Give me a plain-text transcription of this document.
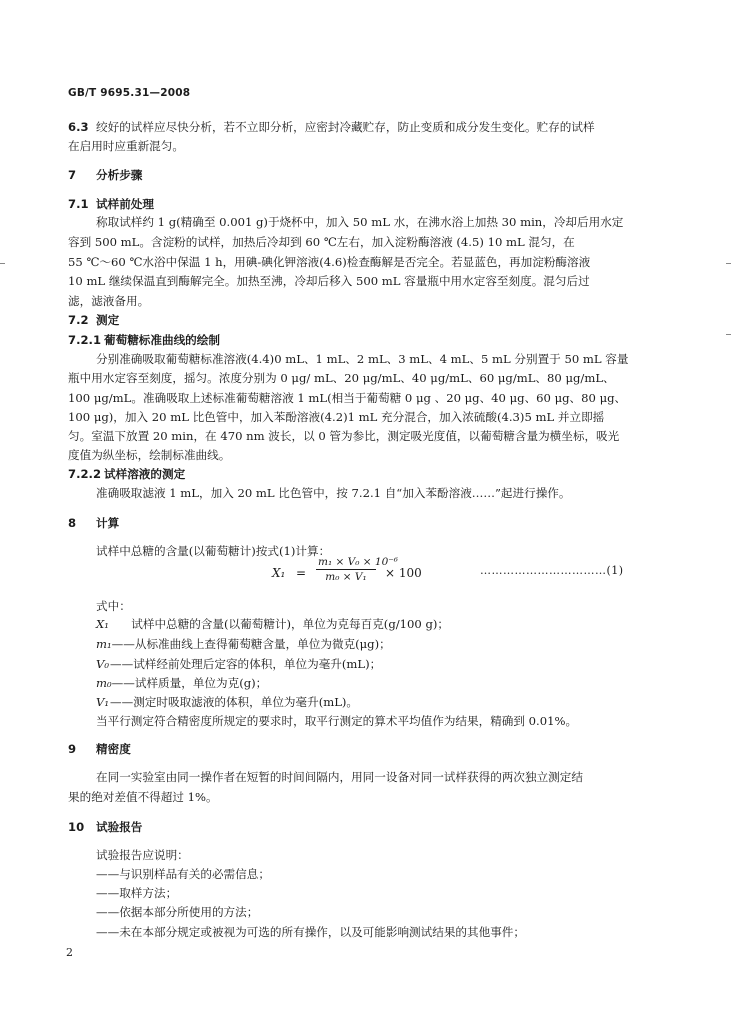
GB/T 9695.31—2008
6.3 绞好的试样应尽快分析，若不立即分析，应密封冷藏贮存，防止变质和成分发生变化。贮存的试样
在启用时应重新混匀。
7 分析步骤
7.1 试样前处理
称取试样约 1 g(精确至 0.001 g)于烧杯中，加入 50 mL 水，在沸水浴上加热 30 min，冷却后用水定
容到 500 mL。含淀粉的试样，加热后冷却到 60 ℃左右，加入淀粉酶溶液 (4.5) 10 mL 混匀，在
55 ℃～60 ℃水浴中保温 1 h，用碘-碘化钾溶液(4.6)检查酶解是否完全。若显蓝色，再加淀粉酶溶液
10 mL 继续保温直到酶解完全。加热至沸，冷却后移入 500 mL 容量瓶中用水定容至刻度。混匀后过
滤，滤液备用。
7.2 测定
7.2.1 葡萄糖标准曲线的绘制
分别准确吸取葡萄糖标准溶液(4.4)0 mL、1 mL、2 mL、3 mL、4 mL、5 mL 分别置于 50 mL 容量
瓶中用水定容至刻度，摇匀。浓度分别为 0 μg/ mL、20 μg/mL、40 μg/mL、60 μg/mL、80 μg/mL、
100 μg/mL。准确吸取上述标准葡萄糖溶液 1 mL(相当于葡萄糖 0 μg 、20 μg、40 μg、60 μg、80 μg、
100 μg)，加入 20 mL 比色管中，加入苯酚溶液(4.2)1 mL 充分混合，加入浓硫酸(4.3)5 mL 并立即摇
匀。室温下放置 20 min，在 470 nm 波长，以 0 管为参比，测定吸光度值，以葡萄糖含量为横坐标，吸光
度值为纵坐标，绘制标准曲线。
7.2.2 试样溶液的测定
准确吸取滤液 1 mL，加入 20 mL 比色管中，按 7.2.1 自“加入苯酚溶液……”起进行操作。
8 计算
试样中总糖的含量(以葡萄糖计)按式(1)计算：
$X_1 = \frac{\text{m₁ × V₀ × 10⁻⁶}}{\text{m₀ × V₁}} \times 100$	……………………………(1)
式中：
X₁　 试样中总糖的含量(以葡萄糖计)，单位为克每百克(g/100 g)；
m₁——从标准曲线上查得葡萄糖含量，单位为微克(μg)；
V₀——试样经前处理后定容的体积，单位为毫升(mL)；
m₀——试样质量，单位为克(g)；
V₁——测定时吸取滤液的体积，单位为毫升(mL)。
当平行测定符合精密度所规定的要求时，取平行测定的算术平均值作为结果，精确到 0.01%。
9 精密度
在同一实验室由同一操作者在短暂的时间间隔内，用同一设备对同一试样获得的两次独立测定结
果的绝对差值不得超过 1%。
10 试验报告
试验报告应说明：
——与识别样品有关的必需信息；
——取样方法；
——依据本部分所使用的方法；
——未在本部分规定或被视为可选的所有操作，以及可能影响测试结果的其他事件；
2
